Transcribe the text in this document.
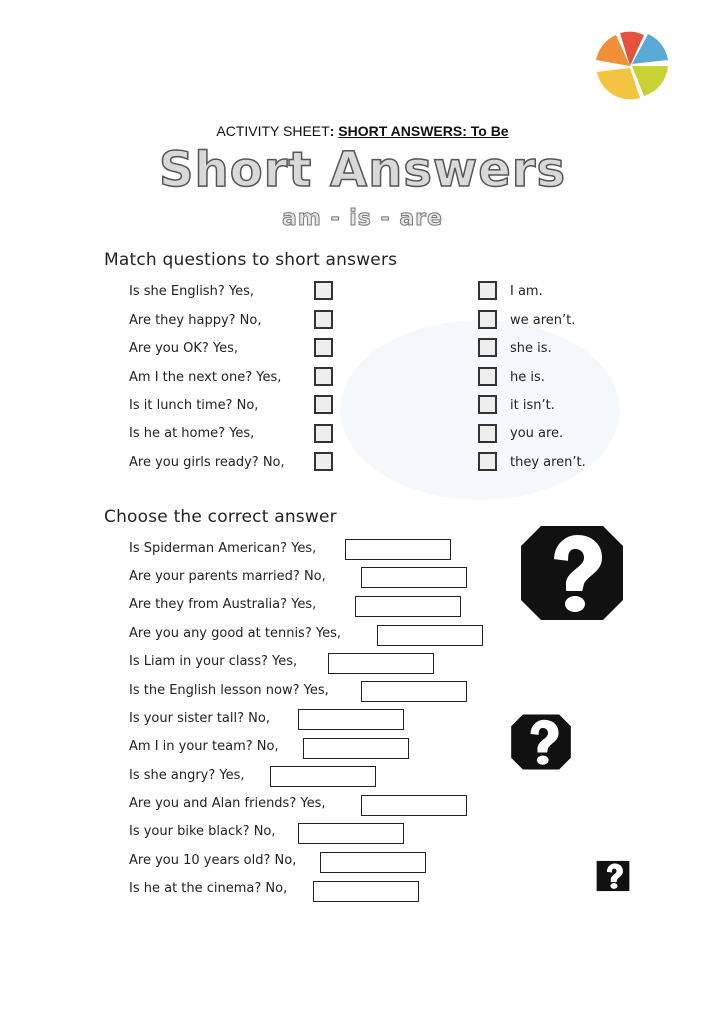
ACTIVITY SHEET: SHORT ANSWERS: To Be
Short Answers
am - is - are
Match questions to short answers
Is she English? Yes,
Are they happy? No,
Are you OK? Yes,
Am I the next one? Yes,
Is it lunch time? No,
Is he at home? Yes,
Are you girls ready? No,
I am.
we aren’t.
she is.
he is.
it isn’t.
you are.
they aren’t.
Choose the correct answer
Is Spiderman American? Yes,
Are your parents married? No,
Are they from Australia? Yes,
Are you any good at tennis? Yes,
Is Liam in your class? Yes,
Is the English lesson now? Yes,
Is your sister tall? No,
Am I in your team? No,
Is she angry? Yes,
Are you and Alan friends? Yes,
Is your bike black? No,
Are you 10 years old? No,
Is he at the cinema? No,
